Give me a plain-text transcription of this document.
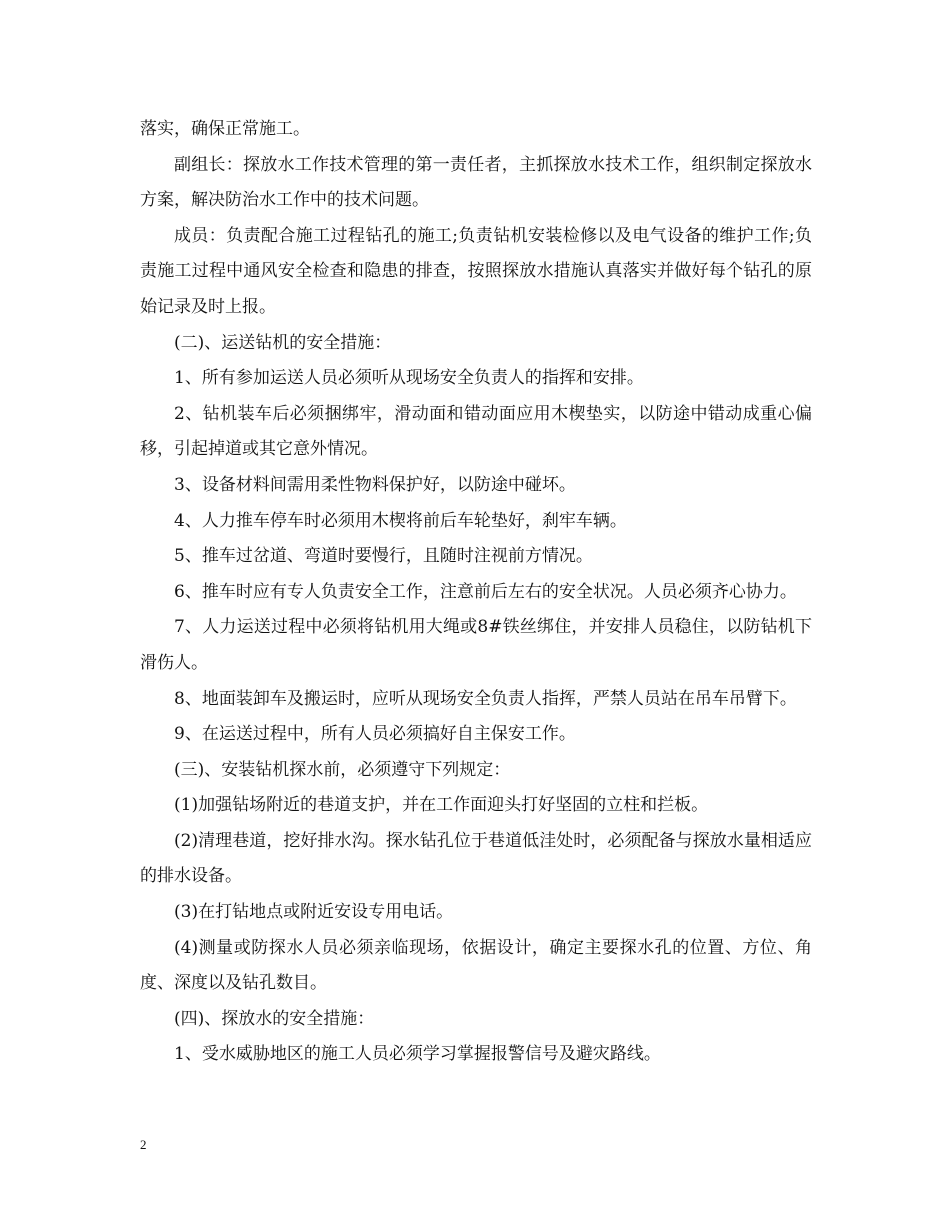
落实，确保正常施工。

副组长：探放水工作技术管理的第一责任者，主抓探放水技术工作，组织制定探放水方案，解决防治水工作中的技术问题。

成员：负责配合施工过程钻孔的施工;负责钻机安装检修以及电气设备的维护工作;负责施工过程中通风安全检查和隐患的排查，按照探放水措施认真落实并做好每个钻孔的原始记录及时上报。

(二)、运送钻机的安全措施：

1、所有参加运送人员必须听从现场安全负责人的指挥和安排。

2、钻机装车后必须捆绑牢，滑动面和错动面应用木楔垫实，以防途中错动成重心偏移，引起掉道或其它意外情况。

3、设备材料间需用柔性物料保护好，以防途中碰坏。

4、人力推车停车时必须用木楔将前后车轮垫好，刹牢车辆。

5、推车过岔道、弯道时要慢行，且随时注视前方情况。

6、推车时应有专人负责安全工作，注意前后左右的安全状况。人员必须齐心协力。

7、人力运送过程中必须将钻机用大绳或8#铁丝绑住，并安排人员稳住，以防钻机下滑伤人。

8、地面装卸车及搬运时，应听从现场安全负责人指挥，严禁人员站在吊车吊臂下。

9、在运送过程中，所有人员必须搞好自主保安工作。

(三)、安装钻机探水前，必须遵守下列规定：

(1)加强钻场附近的巷道支护，并在工作面迎头打好坚固的立柱和拦板。

(2)清理巷道，挖好排水沟。探水钻孔位于巷道低洼处时，必须配备与探放水量相适应的排水设备。

(3)在打钻地点或附近安设专用电话。

(4)测量或防探水人员必须亲临现场，依据设计，确定主要探水孔的位置、方位、角度、深度以及钻孔数目。

(四)、探放水的安全措施：

1、受水威胁地区的施工人员必须学习掌握报警信号及避灾路线。

2
